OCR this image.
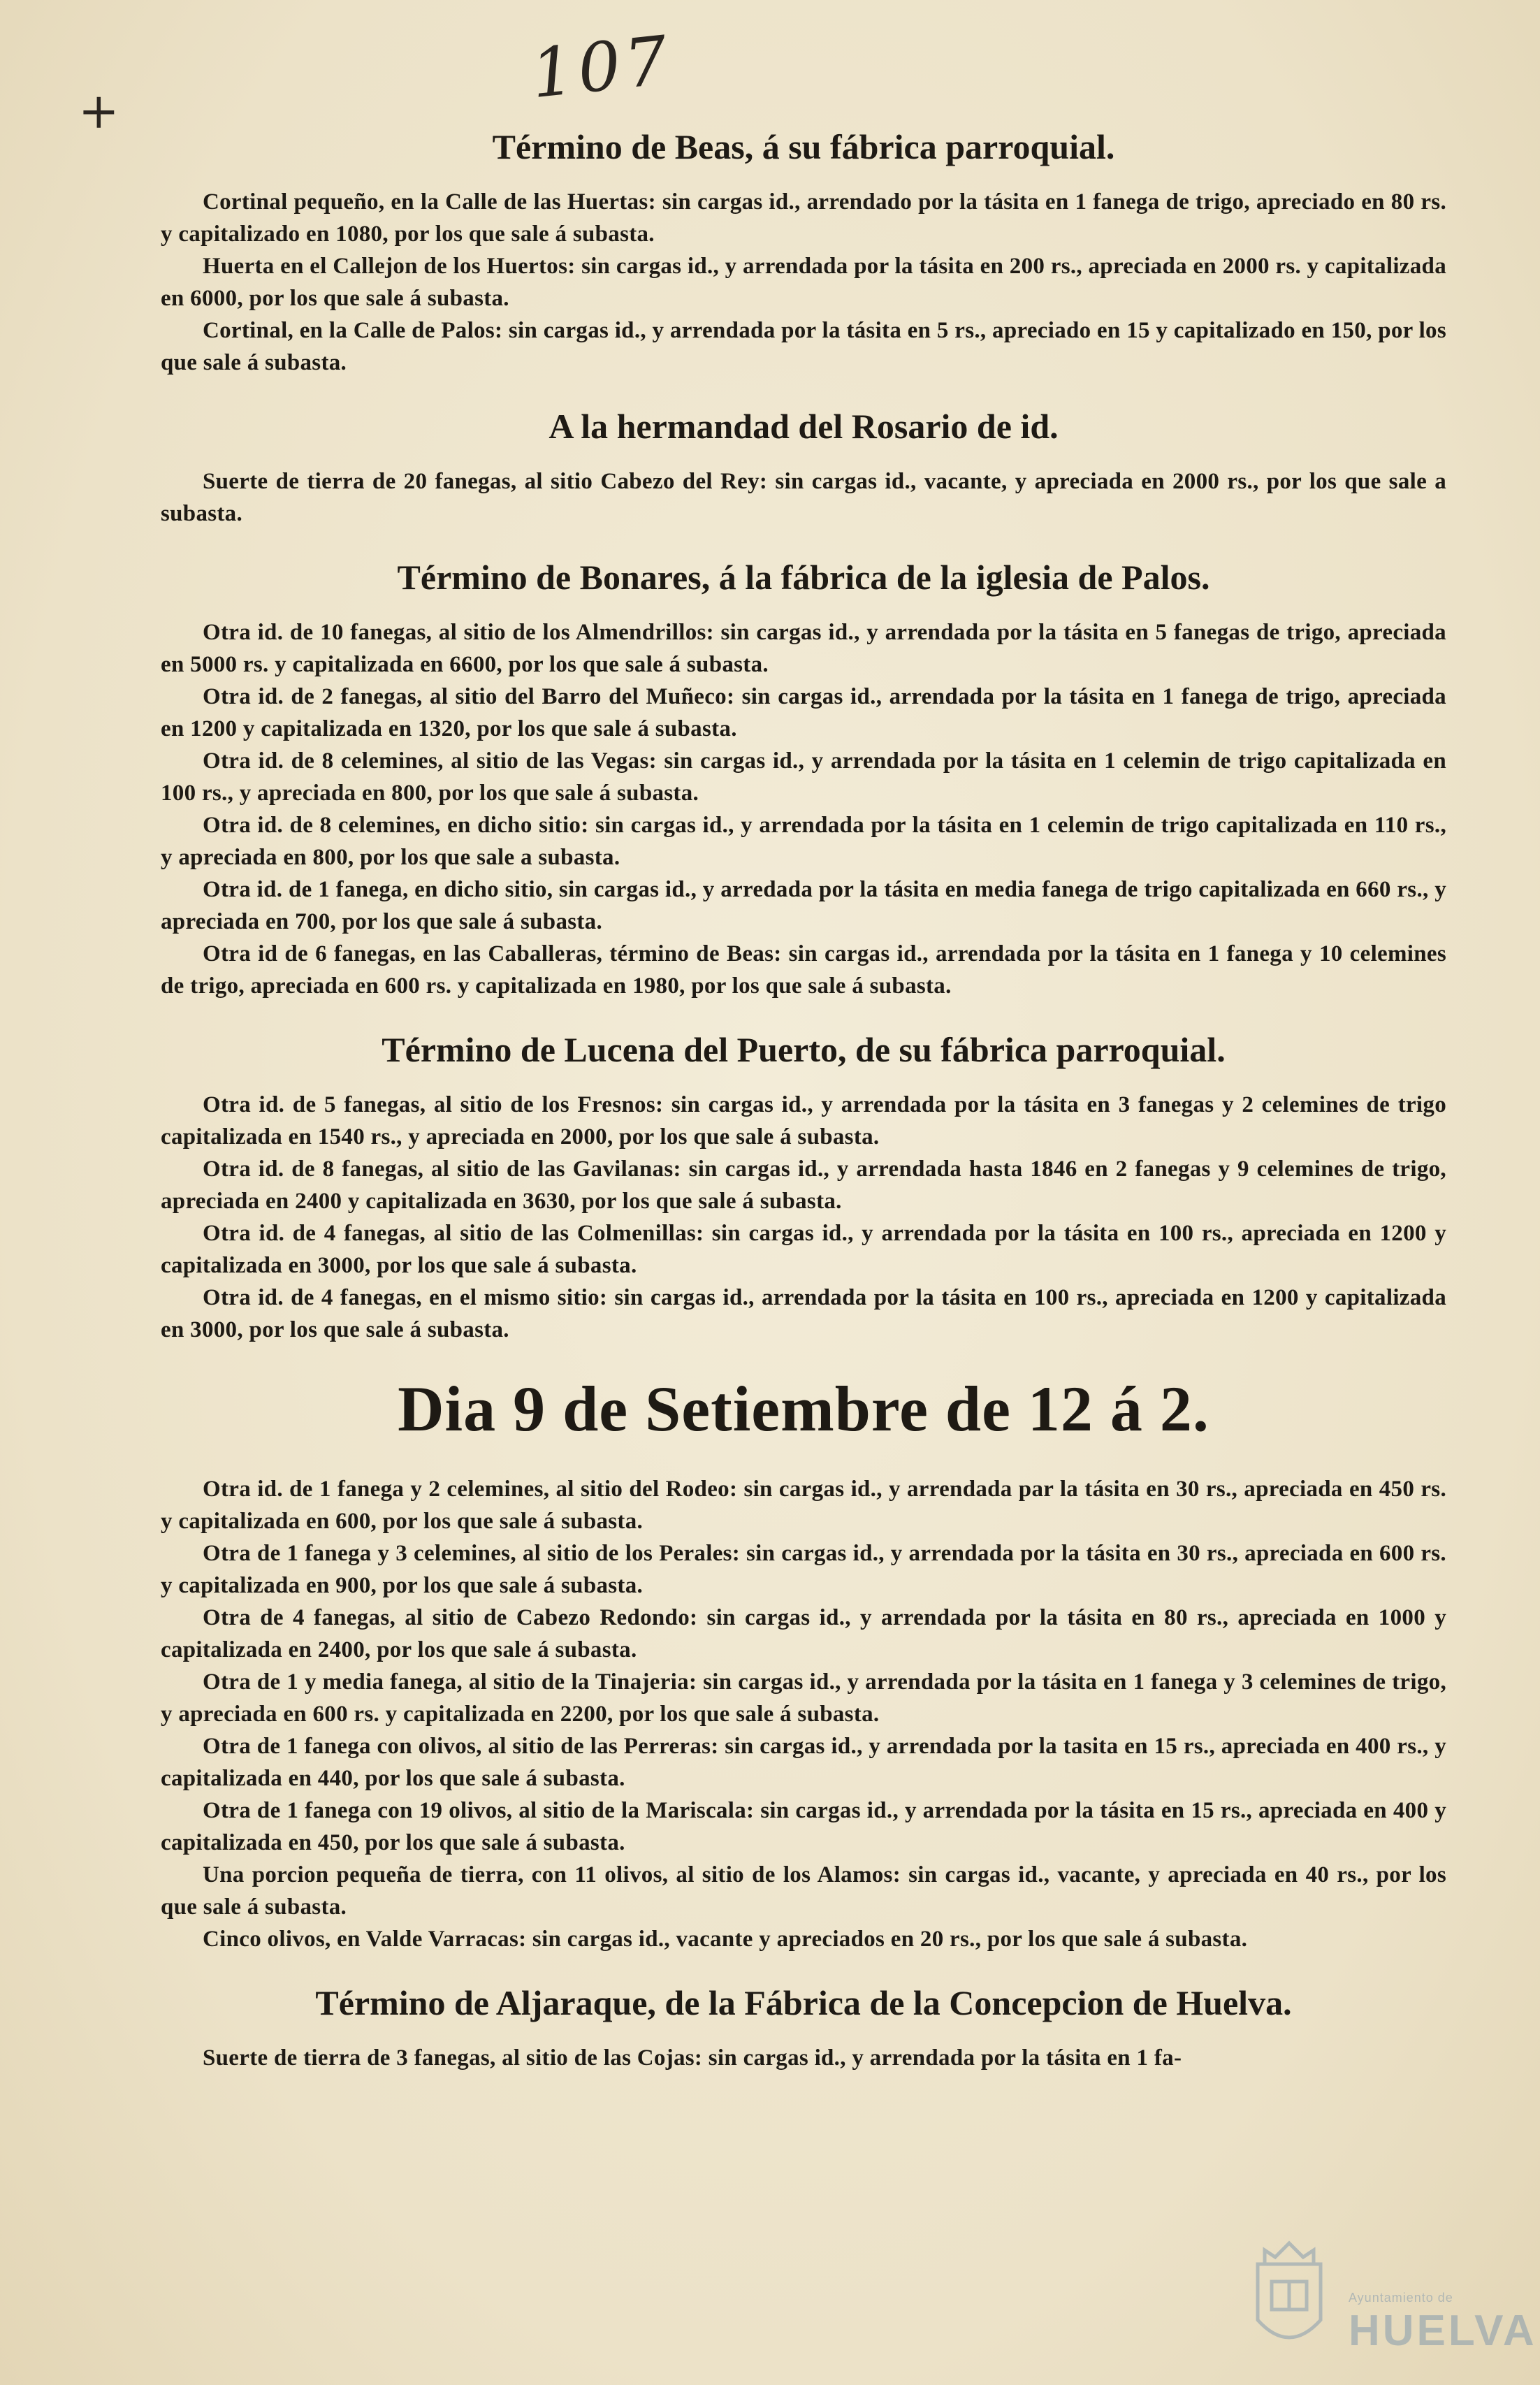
107
+
Término de Beas, á su fábrica parroquial.

Cortinal pequeño, en la Calle de las Huertas: sin cargas id., arrendado por la tásita en 1 fanega de trigo, apreciado en 80 rs. y capitalizado en 1080, por los que sale á subasta.

Huerta en el Callejon de los Huertos: sin cargas id., y arrendada por la tásita en 200 rs., apreciada en 2000 rs. y capitalizada en 6000, por los que sale á subasta.

Cortinal, en la Calle de Palos: sin cargas id., y arrendada por la tásita en 5 rs., apreciado en 15 y capitalizado en 150, por los que sale á subasta.

A la hermandad del Rosario de id.

Suerte de tierra de 20 fanegas, al sitio Cabezo del Rey: sin cargas id., vacante, y apreciada en 2000 rs., por los que sale a subasta.

Término de Bonares, á la fábrica de la iglesia de Palos.

Otra id. de 10 fanegas, al sitio de los Almendrillos: sin cargas id., y arrendada por la tásita en 5 fanegas de trigo, apreciada en 5000 rs. y capitalizada en 6600, por los que sale á subasta.

Otra id. de 2 fanegas, al sitio del Barro del Muñeco: sin cargas id., arrendada por la tásita en 1 fanega de trigo, apreciada en 1200 y capitalizada en 1320, por los que sale á subasta.

Otra id. de 8 celemines, al sitio de las Vegas: sin cargas id., y arrendada por la tásita en 1 celemin de trigo capitalizada en 100 rs., y apreciada en 800, por los que sale á subasta.

Otra id. de 8 celemines, en dicho sitio: sin cargas id., y arrendada por la tásita en 1 celemin de trigo capitalizada en 110 rs., y apreciada en 800, por los que sale a subasta.

Otra id. de 1 fanega, en dicho sitio, sin cargas id., y arredada por la tásita en media fanega de trigo capitalizada en 660 rs., y apreciada en 700, por los que sale á subasta.

Otra id de 6 fanegas, en las Caballeras, término de Beas: sin cargas id., arrendada por la tásita en 1 fanega y 10 celemines de trigo, apreciada en 600 rs. y capitalizada en 1980, por los que sale á subasta.

Término de Lucena del Puerto, de su fábrica parroquial.

Otra id. de 5 fanegas, al sitio de los Fresnos: sin cargas id., y arrendada por la tásita en 3 fanegas y 2 celemines de trigo capitalizada en 1540 rs., y apreciada en 2000, por los que sale á subasta.

Otra id. de 8 fanegas, al sitio de las Gavilanas: sin cargas id., y arrendada hasta 1846 en 2 fanegas y 9 celemines de trigo, apreciada en 2400 y capitalizada en 3630, por los que sale á subasta.

Otra id. de 4 fanegas, al sitio de las Colmenillas: sin cargas id., y arrendada por la tásita en 100 rs., apreciada en 1200 y capitalizada en 3000, por los que sale á subasta.

Otra id. de 4 fanegas, en el mismo sitio: sin cargas id., arrendada por la tásita en 100 rs., apreciada en 1200 y capitalizada en 3000, por los que sale á subasta.

Dia 9 de Setiembre de 12 á 2.

Otra id. de 1 fanega y 2 celemines, al sitio del Rodeo: sin cargas id., y arrendada par la tásita en 30 rs., apreciada en 450 rs. y capitalizada en 600, por los que sale á subasta.

Otra de 1 fanega y 3 celemines, al sitio de los Perales: sin cargas id., y arrendada por la tásita en 30 rs., apreciada en 600 rs. y capitalizada en 900, por los que sale á subasta.

Otra de 4 fanegas, al sitio de Cabezo Redondo: sin cargas id., y arrendada por la tásita en 80 rs., apreciada en 1000 y capitalizada en 2400, por los que sale á subasta.

Otra de 1 y media fanega, al sitio de la Tinajeria: sin cargas id., y arrendada por la tásita en 1 fanega y 3 celemines de trigo, y apreciada en 600 rs. y capitalizada en 2200, por los que sale á subasta.

Otra de 1 fanega con olivos, al sitio de las Perreras: sin cargas id., y arrendada por la tasita en 15 rs., apreciada en 400 rs., y capitalizada en 440, por los que sale á subasta.

Otra de 1 fanega con 19 olivos, al sitio de la Mariscala: sin cargas id., y arrendada por la tásita en 15 rs., apreciada en 400 y capitalizada en 450, por los que sale á subasta.

Una porcion pequeña de tierra, con 11 olivos, al sitio de los Alamos: sin cargas id., vacante, y apreciada en 40 rs., por los que sale á subasta.

Cinco olivos, en Valde Varracas: sin cargas id., vacante y apreciados en 20 rs., por los que sale á subasta.

Término de Aljaraque, de la Fábrica de la Concepcion de Huelva.

Suerte de tierra de 3 fanegas, al sitio de las Cojas: sin cargas id., y arrendada por la tásita en 1 fa-

Ayuntamiento de
HUELVA
